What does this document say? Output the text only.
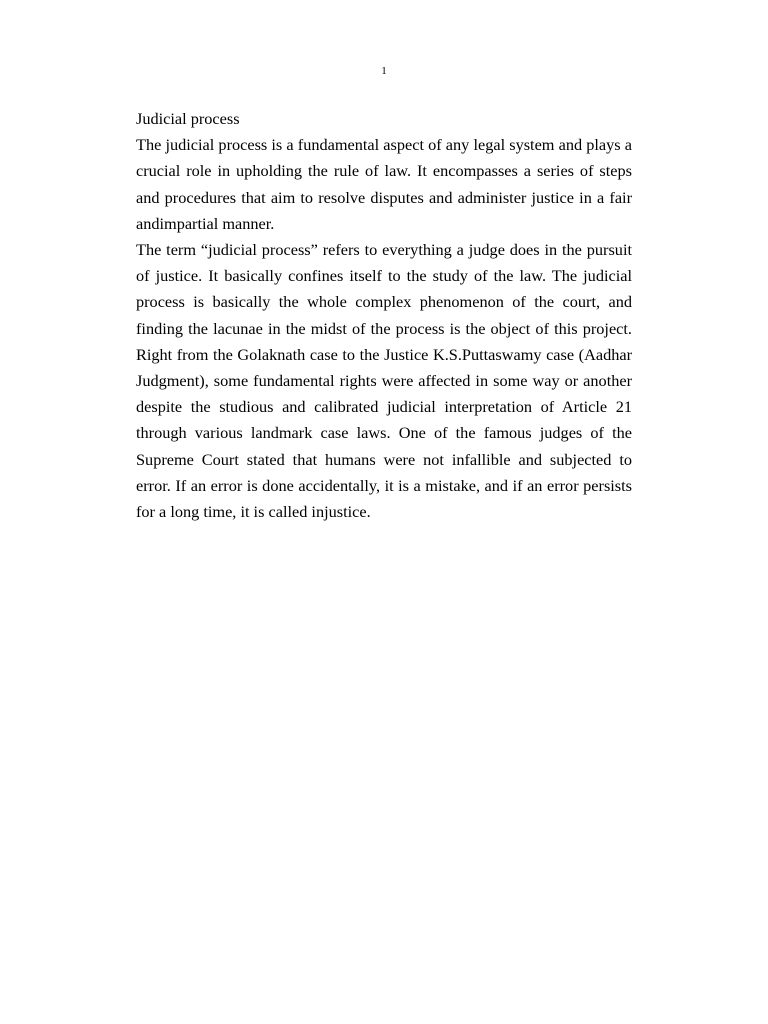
1
Judicial process

The judicial process is a fundamental aspect of any legal system and plays a crucial role in upholding the rule of law. It encompasses a series of steps and procedures that aim to resolve disputes and administer justice in a fair andimpartial manner.

The term “judicial process” refers to everything a judge does in the pursuit of justice. It basically confines itself to the study of the law. The judicial process is basically the whole complex phenomenon of the court, and finding the lacunae in the midst of the process is the object of this project. Right from the Golaknath case to the Justice K.S.Puttaswamy case (Aadhar Judgment), some fundamental rights were affected in some way or another despite the studious and calibrated judicial interpretation of Article 21 through various landmark case laws. One of the famous judges of the Supreme Court stated that humans were not infallible and subjected to error. If an error is done accidentally, it is a mistake, and if an error persists for a long time, it is called injustice.
